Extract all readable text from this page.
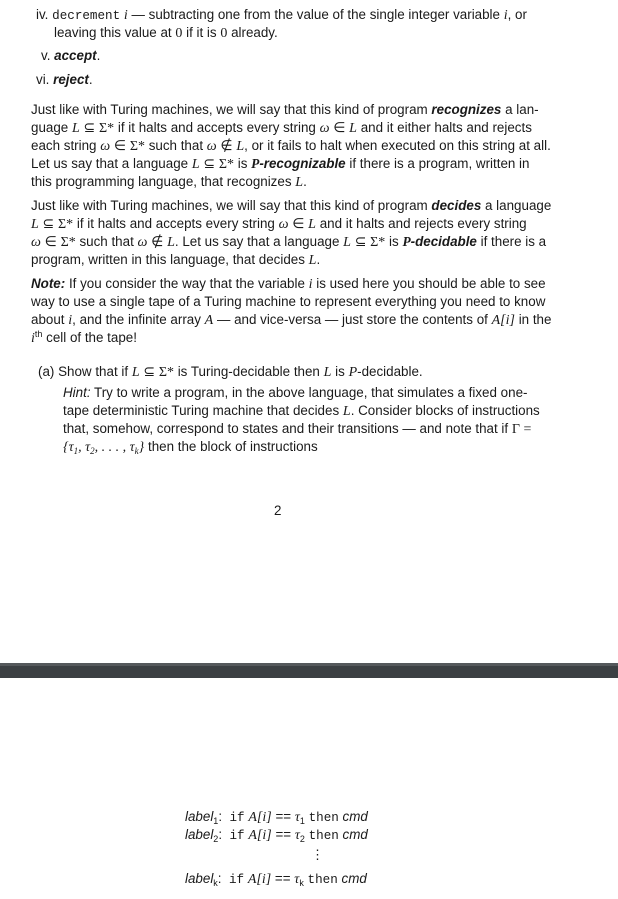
iv. decrement i — subtracting one from the value of the single integer variable i, or
leaving this value at 0 if it is 0 already.
v. accept.
vi. reject.
Just like with Turing machines, we will say that this kind of program recognizes a lan-
guage L ⊆ Σ* if it halts and accepts every string ω ∈ L and it either halts and rejects
each string ω ∈ Σ* such that ω ∉ L, or it fails to halt when executed on this string at all.
Let us say that a language L ⊆ Σ* is P-recognizable if there is a program, written in
this programming language, that recognizes L.
Just like with Turing machines, we will say that this kind of program decides a language
L ⊆ Σ* if it halts and accepts every string ω ∈ L and it halts and rejects every string
ω ∈ Σ* such that ω ∉ L. Let us say that a language L ⊆ Σ* is P-decidable if there is a
program, written in this language, that decides L.
Note: If you consider the way that the variable i is used here you should be able to see
way to use a single tape of a Turing machine to represent everything you need to know
about i, and the infinite array A — and vice-versa — just store the contents of A[i] in the
$i^{th}$ cell of the tape!
(a) Show that if L ⊆ Σ* is Turing-decidable then L is P-decidable.
Hint: Try to write a program, in the above language, that simulates a fixed one-
tape deterministic Turing machine that decides L. Consider blocks of instructions
that, somehow, correspond to states and their transitions — and note that if Γ =
{$\tau_1$, $\tau_2$, . . . , $\tau_k$} then the block of instructions
2
label$_1$: if $A[i] == \tau_1$ then cmd
label$_2$: if $A[i] == \tau_2$ then cmd
⋮
label$_k$: if $A[i] == \tau_k$ then cmd
